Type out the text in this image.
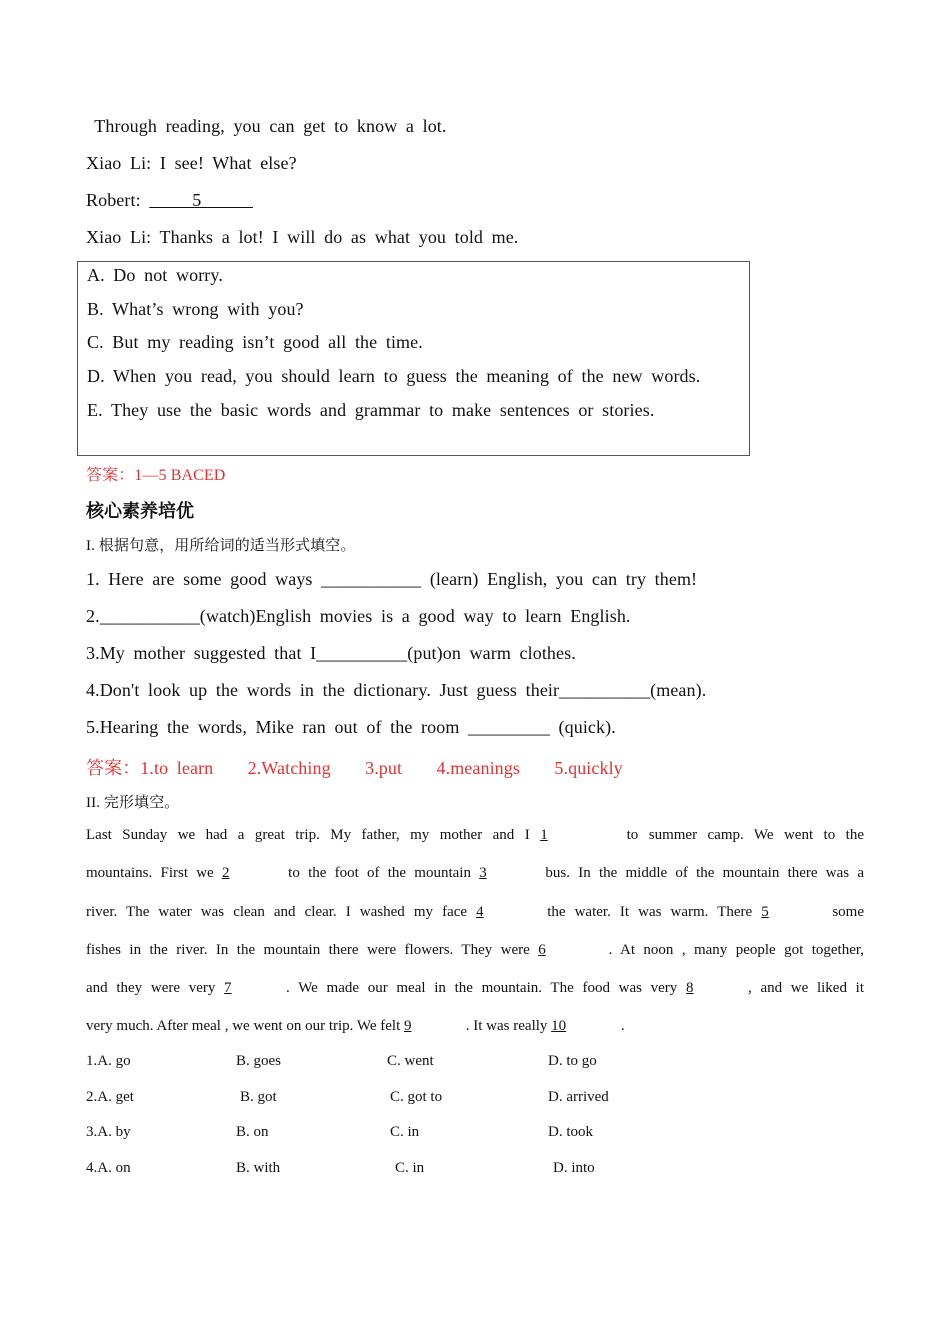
Through reading, you can get to know a lot.
Xiao Li: I see! What else?
Robert:      5
Xiao Li: Thanks a lot! I will do as what you told me.
A. Do not worry.
B. What’s wrong with you?
C. But my reading isn’t good all the time.
D. When you read, you should learn to guess the meaning of the new words.
E. They use the basic words and grammar to make sentences or stories.
答案：1—5 BACED
核心素养培优
I. 根据句意，用所给词的适当形式填空。
1. Here are some good ways ___________ (learn) English, you can try them!
2.___________(watch)English movies is a good way to learn English.
3.My mother suggested that I__________(put)on warm clothes.
4.Don't look up the words in the dictionary. Just guess their__________(mean).
5.Hearing the words, Mike ran out of the room _________ (quick).
答案：1.to learn    2.Watching    3.put    4.meanings    5.quickly
II. 完形填空。
Last Sunday we had a great trip. My father, my mother and I 1	to summer camp. We went to the
mountains. First we 2	to the foot of the mountain 3	bus. In the middle of the mountain there was a
river. The water was clean and clear. I washed my face 4	the water. It was warm. There 5	some
fishes in the river. In the mountain there were flowers. They were 6	. At noon , many people got together,
and they were very 7	. We made our meal in the mountain. The food was very 8	, and we liked it
very much. After meal , we went on our trip. We felt 9	. It was really 10	.
1.A. go	B. goes	C. went	D. to go
2.A. get	B. got	C. got to	D. arrived
3.A. by	B. on	C. in	D. took
4.A. on	B. with	C. in	D. into
